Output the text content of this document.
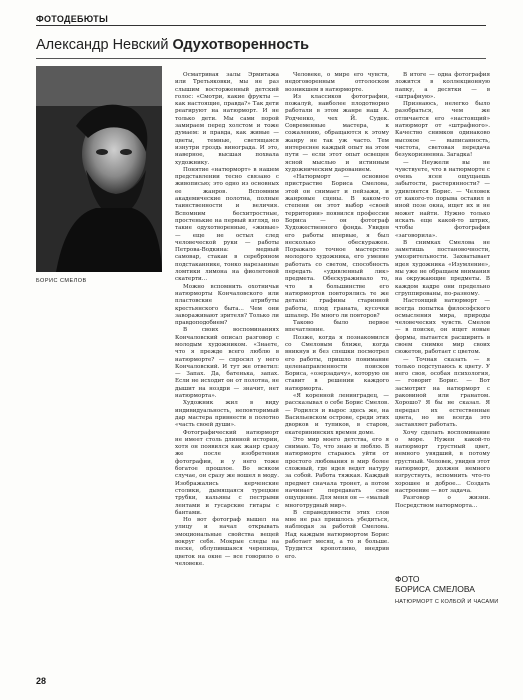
ФОТОДЕБЮТЫ
Александр Невский Одухотворенность
БОРИС СМЕЛОВ

Осматривая залы Эрмитажа или Третьяковки, мы не раз слышим восторженный детский голос: «Смотри, какие фрукты — как настоящие, правда?» Так дети реагируют на натюрморт. И не только дети. Мы сами порой замираем перед холстом и тоже думаем: и правда, как живые — цветы, темные, светящаяся изнутри гроздь винограда. И это, наверное, высшая похвала художнику.

Понятие «натюрморт» в нашем представлении тесно связано с живописью; это одно из основных ее жанров. Вспомним академические полотна, полные таинственности и величия. Вспомним бесхитростные, простенькие на первый взгляд, но такие одухотворенные, «живые» — еще не остыл след человеческой руки — работы Петрова-Водкина: медный самовар, стакан в серебряном подстаканнике, тонко нарезанные ломтики лимона на фиолетовой скатерти...

Можно вспомнить охотничьи натюрморты Кончаловского или пластовские атрибуты крестьянского быта... Чем они завораживают зрителя? Только ли правдоподобием?

В своих воспоминаниях Кончаловский описал разговор с молодым художником. «Знаете, что я прежде всего люблю в натюрморте? — спросил у него Кончаловский. И тут же ответил: — Запах. Да, батенька, запах. Если не исходит он от полотна, не дышит на ноздри — значит, нет натюрморта».

Художник жил в виду индивидуальность, неповторимый дар мастера привнести в полотно «часть своей души».

Фотографический натюрморт не имеет столь длинной истории, хотя он появился как жанр сразу же после изобретения фотографии, и у него тоже богатое прошлое. Во всяком случае, он сразу же вошел в моду. Изображались керченские столики, дымящаяся турецкие трубки, кальяны с пестрыми лентами и гусарские гитары с бантами.

Но вот фотограф вышел на улицу и начал открывать эмоциональные свойства вещей вокруг себя. Мокрые следы на песке, облупившаяся черепица, цветок на окне — все говорило о человеке.

Человеке, о мире его чувств, недоговоренным отголоском возникшем в натюрморте.

Из классиков фотографии, пожалуй, наиболее плодотворно работали в этом жанре наш А. Родченко, чех Й. Судек. Современные мастера, к сожалению, обращаются к этому жанру не так уж часто. Тем интереснее каждый опыт на этом пути — если этот опыт освещен ясной мыслью и истинным художническим дарованием.

«Натюрморт — основное пристрастие Бориса Смелова, этой он снимает и пейзажи, и жанровые сцены. В каком-то степени он этот выбор «своей территории» появился профессии Бориса — он фотограф Художественного фонда. Увидев его работы впервые, я был несколько обескуражен. Поражало точное мастерство молодого художника, его умение работать со светом, способность передать «удивленный лик» предмета. Обескураживало то, что в большинстве его натюрмортов повторялись те же детали: графины старинной работы, плод граната, кусочки шпалер. Не много ли повторов?

Таково было первое впечатление.

Позже, когда я познакомился со Смеловым ближе, когда вникнув и без спешки посмотрел его работы, пришло понимание целенаправленности поисков Бориса, «озерзадачу», которую он ставит в решении каждого натюрморта.

«Я коренной ленинградец, — рассказывал о себе Борис Смелов. — Родился и вырос здесь же, на Васильевском острове, среди этих дворков и тупиков, в старом, екатерининских времен доме.

Это мир моего детства, его я снимаю. То, что знаю и люблю. В натюрморте стараюсь уйти от простого любования в мир более сложный, где идея ведет натуру за собой. Работа тяжкая. Каждый предмет сначала тронет, а потом начинает передавать свое ощущение. Для меня он — «малый многотрудный мир».

В справедливости этих слов мне не раз пришлось убедиться, наблюдая за работой Смелова. Над каждым натюрмортом Борис работает месяц, а то и больше. Трудится кропотливо, внедрив его.

В итоге — одна фотография ложится в коллекционную папку, а десятки — в «штрафную».

Признаюсь, нелегко было разобраться, чем же отличается его «настоящий» натюрморт от «штрафного». Качество снимков одинаково высокое — выписанность, чистота, световая передача безукоризненна. Загадка!

— Неужели вы не чувствуете, что в натюрморте с очень ясен ощущаешь забытости, растерянности? — удивляется Борис. — Человек от какого-то порыва оставил в иной позе окна, ищет их и не может найти. Нужно только искать еще какой-то штрих, чтобы фотография «заговорила».

В снимках Смелова не заметишь постановочности, умозрительности. Захватывает идея художника «Изумление», мы уже не обращаем внимания на окружающие предметы. В каждом кадре они предельно сгруппированы, по-разному.

Настоящий натюрморт — всегда попытка философского осмысления мира, природы человеческих чувств. Смелов — в поиске, он ищет новые формы, пытается расширить в своем снимке мир своих сюжетов, работает с цветом.

— Точная сказать — я только подступаюсь к цвету. У него своя, особая психология, — говорит Борис. — Вот засмотрит на натюрморт с раковиной или гранатом. Хорошо? Я бы не сказал. Я передал их естественные цвета, но не всегда это заставляет работать.

Хочу сделать воспоминание о море. Нужен какой-то натюрморт грустный цвет, немного увядший, в потому грустный. Человек, увидев этот натюрморт, должен немного взгрустнуть, вспомнить что-то хорошее и доброе... Создать настроение — вот задача.

Разговор о жизни. Посредством натюрморта...

ФОТО
БОРИСА СМЕЛОВА
НАТЮРМОРТ С КОЛБОЙ И ЧАСАМИ
28
